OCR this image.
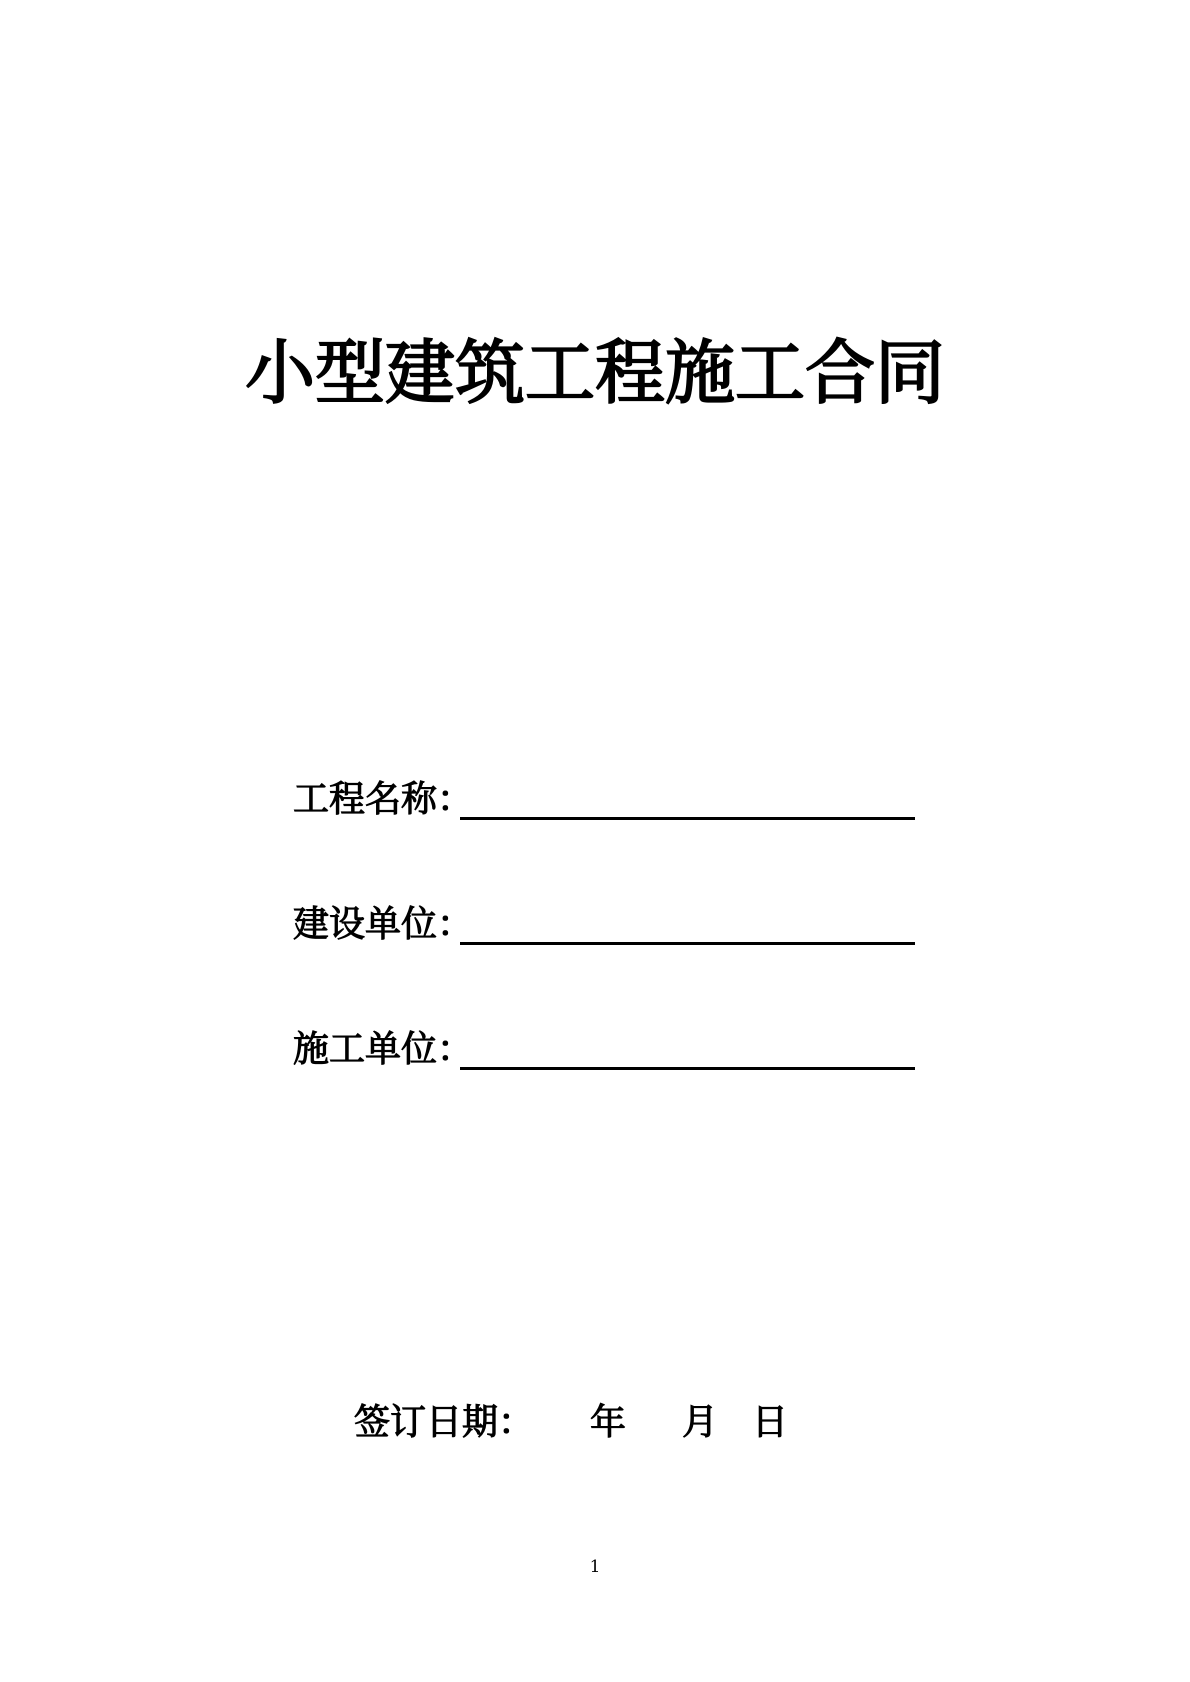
小型建筑工程施工合同
工程名称：
建设单位：
施工单位：
签订日期： 年 月 日
1
